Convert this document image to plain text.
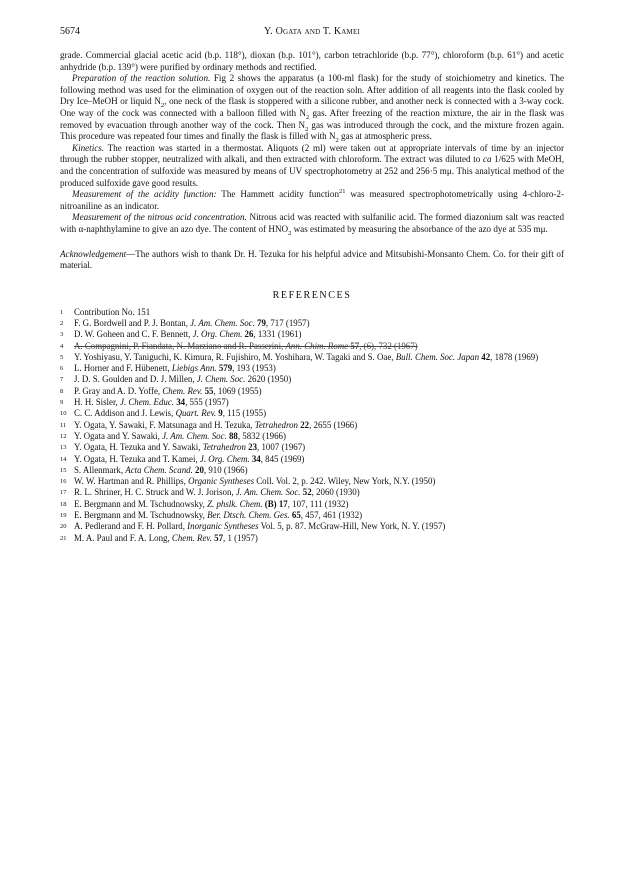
5674	Y. Ogata and T. Kamei

grade. Commercial glacial acetic acid (b.p. 118°), dioxan (b.p. 101°), carbon tetrachloride (b.p. 77°), chloroform (b.p. 61°) and acetic anhydride (b.p. 139°) were purified by ordinary methods and rectified.

Preparation of the reaction solution. Fig 2 shows the apparatus (a 100-ml flask) for the study of stoichiometry and kinetics. The following method was used for the elimination of oxygen out of the reaction soln. After addition of all reagents into the flask cooled by Dry Ice–MeOH or liquid $N_2$, one neck of the flask is stoppered with a silicone rubber, and another neck is connected with a 3-way cock. One way of the cock was connected with a balloon filled with $N_2$ gas. After freezing of the reaction mixture, the air in the flask was removed by evacuation through another way of the cock. Then $N_2$ gas was introduced through the cock, and the mixture frozen again. This procedure was repeated four times and finally the flask is filled with $N_2$ gas at atmospheric press.

Kinetics. The reaction was started in a thermostat. Aliquots (2 ml) were taken out at appropriate intervals of time by an injector through the rubber stopper, neutralized with alkali, and then extracted with chloroform. The extract was diluted to ca 1/625 with MeOH, and the concentration of sulfoxide was measured by means of UV spectrophotometry at 252 and 256·5 mμ. This analytical method of the produced sulfoxide gave good results.

Measurement of the acidity function: The Hammett acidity function$^{21}$ was measured spectrophotometrically using 4-chloro-2-nitroaniline as an indicator.

Measurement of the nitrous acid concentration. Nitrous acid was reacted with sulfanilic acid. The formed diazonium salt was reacted with α-naphthylamine to give an azo dye. The content of $HNO_2$ was estimated by measuring the absorbance of the azo dye at 535 mμ.

Acknowledgement—The authors wish to thank Dr. H. Tezuka for his helpful advice and Mitsubishi-Monsanto Chem. Co. for their gift of material.
REFERENCES
1	Contribution No. 151
2	F. G. Bordwell and P. J. Bontan, J. Am. Chem. Soc. 79, 717 (1957)
3	D. W. Goheen and C. F. Bennett, J. Org. Chem. 26, 1331 (1961)
4	A. Compagnini, P. Fiandata, N. Marziano and R. Passerini, Ann. Chim. Rome 57, (6), 732 (1967)
5	Y. Yoshiyasu, Y. Taniguchi, K. Kimura, R. Fujishiro, M. Yoshihara, W. Tagaki and S. Oae, Bull. Chem. Soc. Japan 42, 1878 (1969)
6	L. Horner and F. Hübenett, Liebigs Ann. 579, 193 (1953)
7	J. D. S. Goulden and D. J. Millen, J. Chem. Soc. 2620 (1950)
8	P. Gray and A. D. Yoffe, Chem. Rev. 55, 1069 (1955)
9	H. H. Sisler, J. Chem. Educ. 34, 555 (1957)
10 C. C. Addison and J. Lewis, Quart. Rev. 9, 115 (1955)
11 Y. Ogata, Y. Sawaki, F. Matsunaga and H. Tezuka, Tetrahedron 22, 2655 (1966)
12 Y. Ogata and Y. Sawaki, J. Am. Chem. Soc. 88, 5832 (1966)
13 Y. Ogata, H. Tezuka and Y. Sawaki, Tetrahedron 23, 1007 (1967)
14 Y. Ogata, H. Tezuka and T. Kamei, J. Org. Chem. 34, 845 (1969)
15 S. Allenmark, Acta Chem. Scand. 20, 910 (1966)
16 W. W. Hartman and R. Phillips, Organic Syntheses Coll. Vol. 2, p. 242. Wiley, New York, N.Y. (1950)
17 R. L. Shriner, H. C. Struck and W. J. Jorison, J. Am. Chem. Soc. 52, 2060 (1930)
18 E. Bergmann and M. Tschudnowsky, Z. phslk. Chem. (B) 17, 107, 111 (1932)
19 E. Bergmann and M. Tschudnowsky, Ber. Dtsch. Chem. Ges. 65, 457, 461 (1932)
20 A. Pedlerand and F. H. Pollard, Inorganic Syntheses Vol. 5, p. 87. McGraw-Hill, New York, N. Y. (1957)
21 M. A. Paul and F. A. Long, Chem. Rev. 57, 1 (1957)
